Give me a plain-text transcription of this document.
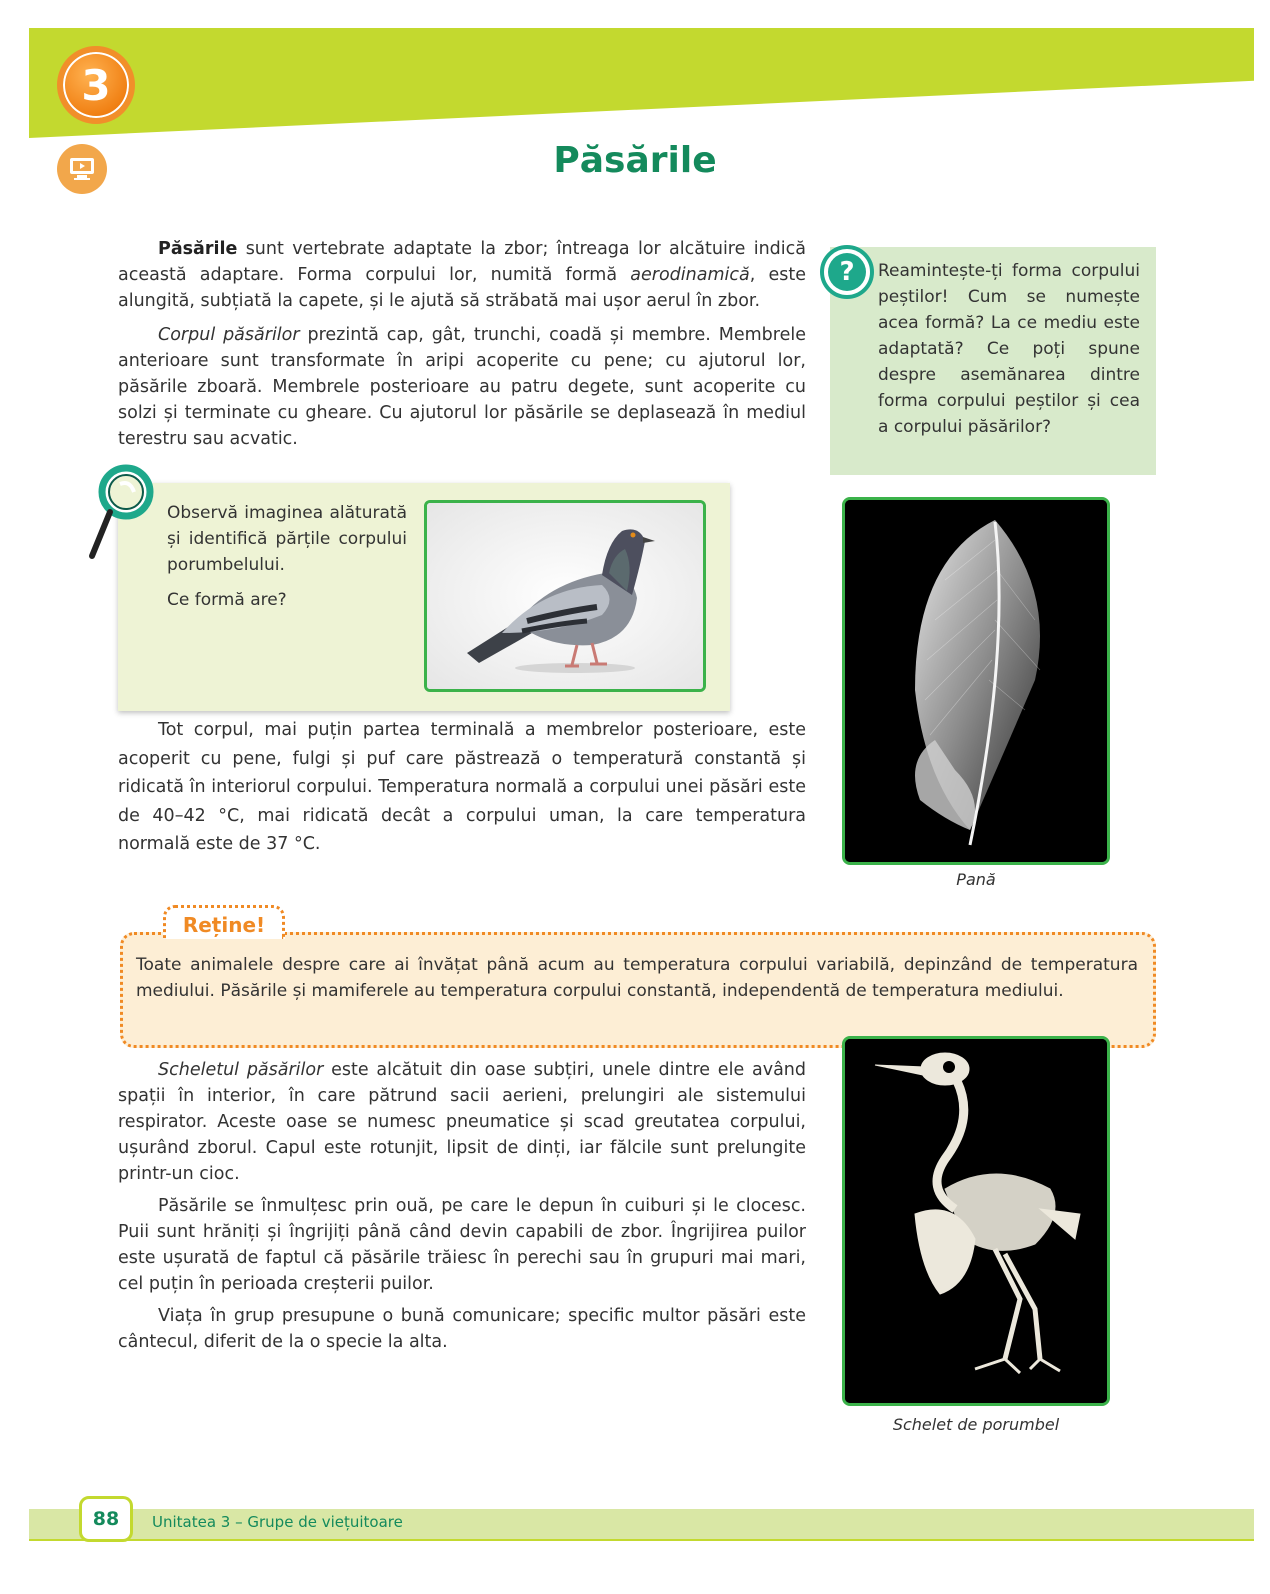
3
Păsările
Păsările sunt vertebrate adaptate la zbor; întreaga lor alcătuire indică această adaptare. Forma corpului lor, numită formă aerodinamică, este alungită, subțiată la capete, și le ajută să străbată mai ușor aerul în zbor.
Corpul păsărilor prezintă cap, gât, trunchi, coadă și membre. Membrele anterioare sunt transformate în aripi acoperite cu pene; cu ajutorul lor, păsările zboară. Membrele posterioare au patru degete, sunt acoperite cu solzi și terminate cu gheare. Cu ajutorul lor păsările se deplasează în mediul terestru sau acvatic.
?	Reamintește-ți forma corpului peștilor! Cum se numește acea formă? La ce mediu este adaptată? Ce poți spune despre asemănarea dintre forma corpului peștilor și cea a corpului păsărilor?
Observă imaginea alăturată și identifică părțile corpului porumbelului.
Ce formă are?
Tot corpul, mai puțin partea terminală a membrelor posterioare, este acoperit cu pene, fulgi și puf care păstrează o temperatură constantă și ridicată în interiorul corpului. Temperatura normală a corpului unei păsări este de 40–42 °C, mai ridicată decât a corpului uman, la care temperatura normală este de 37 °C.
Pană
Reține!
Toate animalele despre care ai învățat până acum au temperatura corpului variabilă, depinzând de temperatura mediului. Păsările și mamiferele au temperatura corpului constantă, independentă de temperatura mediului.
Scheletul păsărilor este alcătuit din oase subțiri, unele dintre ele având spații în interior, în care pătrund sacii aerieni, prelungiri ale sistemului respirator. Aceste oase se numesc pneumatice și scad greutatea corpului, ușurând zborul. Capul este rotunjit, lipsit de dinți, iar fălcile sunt prelungite printr-un cioc.
Păsările se înmulțesc prin ouă, pe care le depun în cuiburi și le clocesc. Puii sunt hrăniți și îngrijiți până când devin capabili de zbor. Îngrijirea puilor este ușurată de faptul că păsările trăiesc în perechi sau în grupuri mai mari, cel puțin în perioada creșterii puilor.
Viața în grup presupune o bună comunicare; specific multor păsări este cântecul, diferit de la o specie la alta.
Schelet de porumbel
88	Unitatea 3 – Grupe de viețuitoare
